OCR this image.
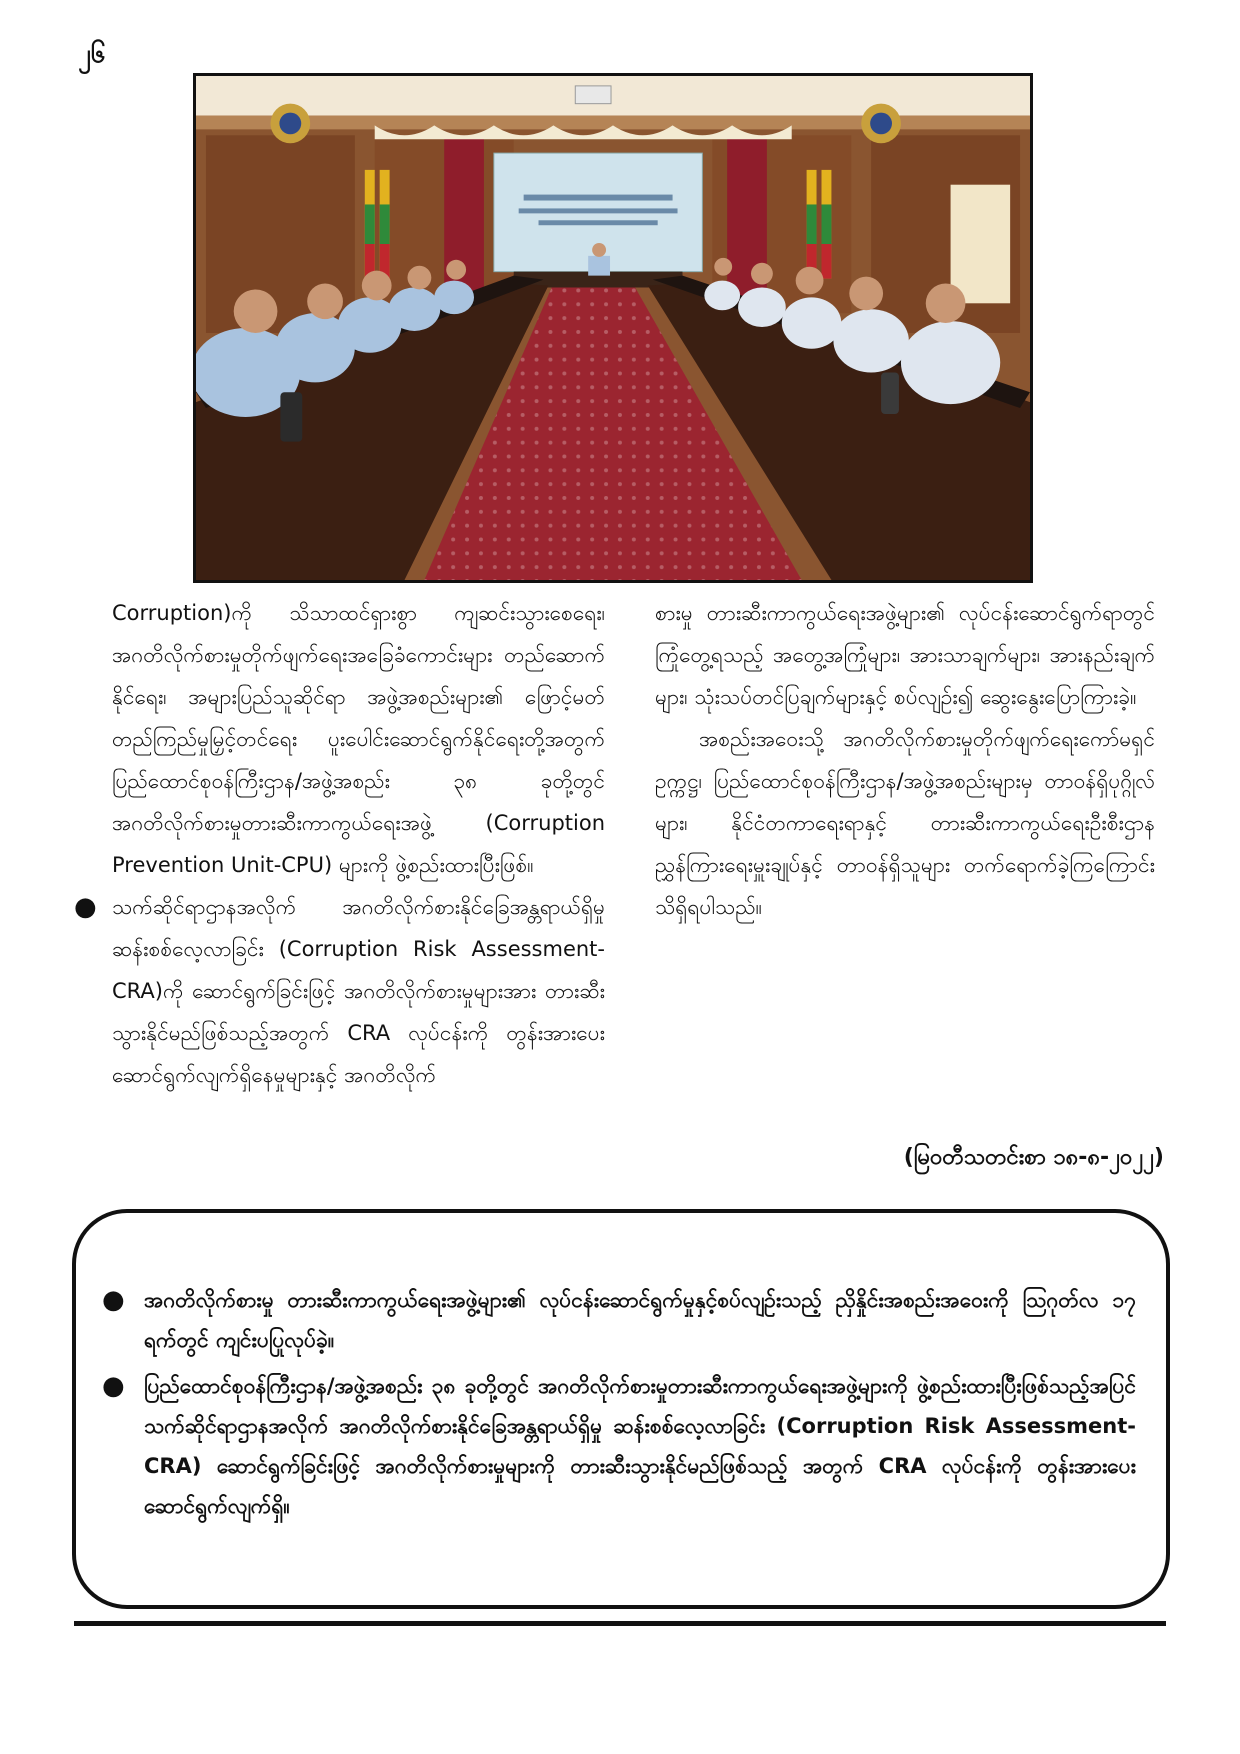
၂၆

Corruption)ကို သိသာထင်ရှားစွာ ကျဆင်းသွားစေရေး၊ အဂတိလိုက်စားမှုတိုက်ဖျက်ရေးအခြေခံကောင်းများ တည်ဆောက်နိုင်ရေး၊ အများပြည်သူဆိုင်ရာ အဖွဲ့အစည်းများ၏ ဖြောင့်မတ်တည်ကြည်မှုမြှင့်တင်ရေး ပူးပေါင်းဆောင်ရွက်နိုင်ရေးတို့အတွက် ပြည်ထောင်စုဝန်ကြီးဌာန/အဖွဲ့အစည်း ၃၈ ခုတို့တွင် အဂတိလိုက်စားမှုတားဆီးကာကွယ်ရေးအဖွဲ့ (Corruption Prevention Unit-CPU) များကို ဖွဲ့စည်းထားပြီးဖြစ်။

● သက်ဆိုင်ရာဌာနအလိုက် အဂတိလိုက်စားနိုင်ခြေအန္တရာယ်ရှိမှု ဆန်းစစ်လေ့လာခြင်း (Corruption Risk Assessment-CRA)ကို ဆောင်ရွက်ခြင်းဖြင့် အဂတိလိုက်စားမှုများအား တားဆီးသွားနိုင်မည်ဖြစ်သည့်အတွက် CRA လုပ်ငန်းကို တွန်းအားပေး ဆောင်ရွက်လျက်ရှိနေမှုများနှင့် အဂတိလိုက်

စားမှု တားဆီးကာကွယ်ရေးအဖွဲ့များ၏ လုပ်ငန်းဆောင်ရွက်ရာတွင် ကြုံတွေ့ရသည့် အတွေ့အကြုံများ၊ အားသာချက်များ၊ အားနည်းချက်များ၊ သုံးသပ်တင်ပြချက်များနှင့် စပ်လျဉ်း၍ ဆွေးနွေးပြောကြားခဲ့။

အစည်းအဝေးသို့ အဂတိလိုက်စားမှုတိုက်ဖျက်ရေးကော်မရှင်ဥက္ကဋ္ဌ၊ ပြည်ထောင်စုဝန်ကြီးဌာန/အဖွဲ့အစည်းများမှ တာဝန်ရှိပုဂ္ဂိုလ်များ၊ နိုင်ငံတကာရေးရာနှင့် တားဆီးကာကွယ်ရေးဦးစီးဌာန ညွှန်ကြားရေးမှူးချုပ်နှင့် တာဝန်ရှိသူများ တက်ရောက်ခဲ့ကြကြောင်း သိရှိရပါသည်။

(မြဝတီသတင်းစာ ၁၈-၈-၂၀၂၂)
● အဂတိလိုက်စားမှု တားဆီးကာကွယ်ရေးအဖွဲ့များ၏ လုပ်ငန်းဆောင်ရွက်မှုနှင့်စပ်လျဉ်းသည့် ညှိနှိုင်းအစည်းအဝေးကို ဩဂုတ်လ ၁၇ ရက်တွင် ကျင်းပပြုလုပ်ခဲ့။
● ပြည်ထောင်စုဝန်ကြီးဌာန/အဖွဲ့အစည်း ၃၈ ခုတို့တွင် အဂတိလိုက်စားမှုတားဆီးကာကွယ်ရေးအဖွဲ့များကို ဖွဲ့စည်းထားပြီးဖြစ်သည့်အပြင် သက်ဆိုင်ရာဌာနအလိုက် အဂတိလိုက်စားနိုင်ခြေအန္တရာယ်ရှိမှု ဆန်းစစ်လေ့လာခြင်း (Corruption Risk Assessment-CRA) ဆောင်ရွက်ခြင်းဖြင့် အဂတိလိုက်စားမှုများကို တားဆီးသွားနိုင်မည်ဖြစ်သည့် အတွက် CRA လုပ်ငန်းကို တွန်းအားပေးဆောင်ရွက်လျက်ရှိ။
